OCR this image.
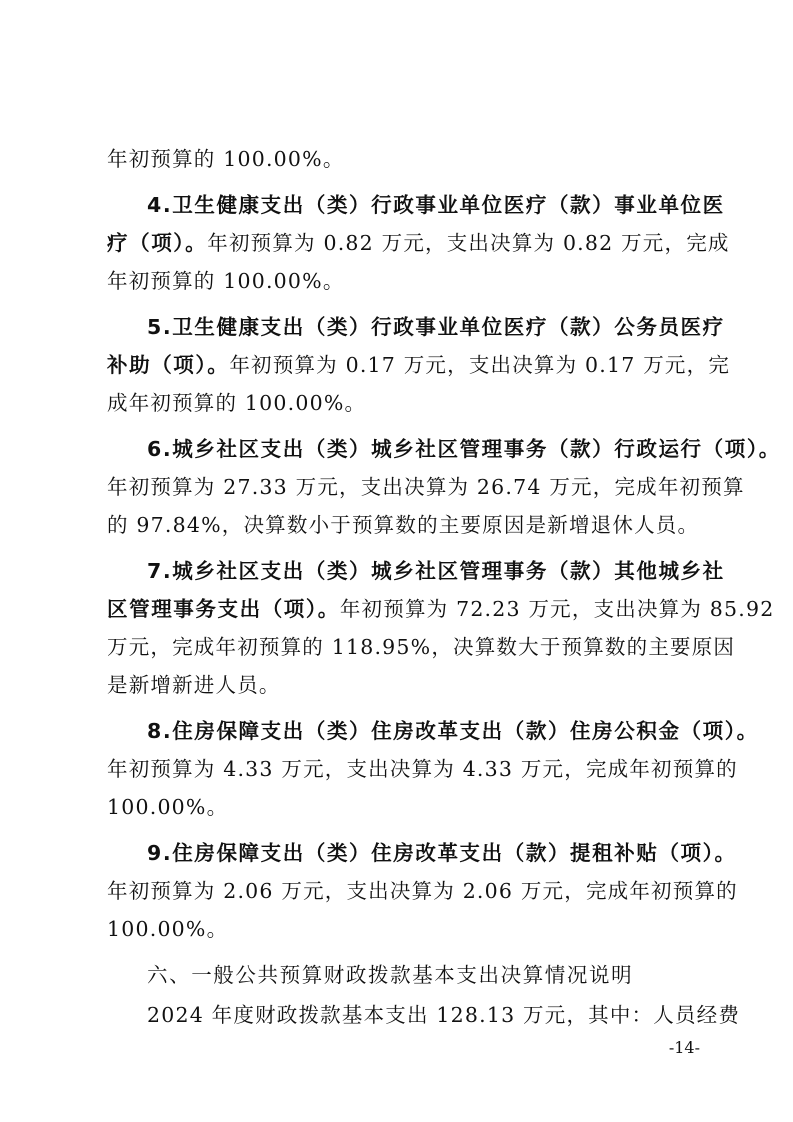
年初预算的 100.00%。
4.卫生健康支出（类）行政事业单位医疗（款）事业单位医
疗（项）。年初预算为 0.82 万元，支出决算为 0.82 万元，完成
年初预算的 100.00%。
5.卫生健康支出（类）行政事业单位医疗（款）公务员医疗
补助（项）。年初预算为 0.17 万元，支出决算为 0.17 万元，完
成年初预算的 100.00%。
6.城乡社区支出（类）城乡社区管理事务（款）行政运行（项）。
年初预算为 27.33 万元，支出决算为 26.74 万元，完成年初预算
的 97.84%，决算数小于预算数的主要原因是新增退休人员。
7.城乡社区支出（类）城乡社区管理事务（款）其他城乡社
区管理事务支出（项）。年初预算为 72.23 万元，支出决算为 85.92
万元，完成年初预算的 118.95%，决算数大于预算数的主要原因
是新增新进人员。
8.住房保障支出（类）住房改革支出（款）住房公积金（项）。
年初预算为 4.33 万元，支出决算为 4.33 万元，完成年初预算的
100.00%。
9.住房保障支出（类）住房改革支出（款）提租补贴（项）。
年初预算为 2.06 万元，支出决算为 2.06 万元，完成年初预算的
100.00%。
六、一般公共预算财政拨款基本支出决算情况说明
2024 年度财政拨款基本支出 128.13 万元，其中：人员经费
-14-
